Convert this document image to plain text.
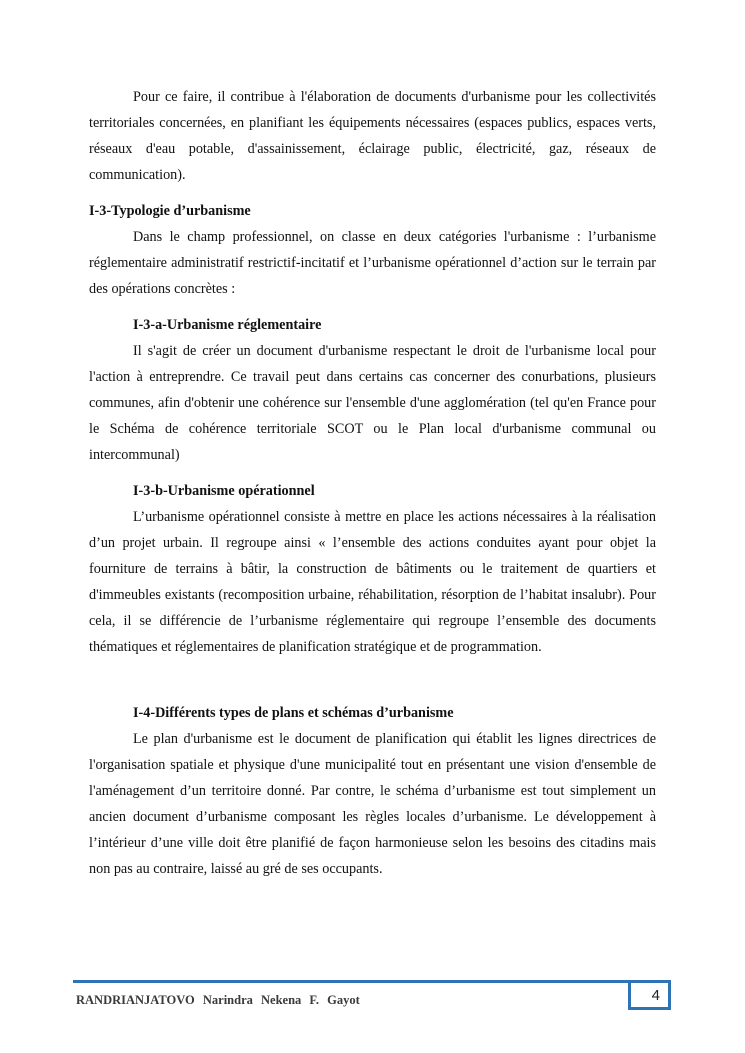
Pour ce faire, il contribue à l'élaboration de documents d'urbanisme pour les collectivités territoriales concernées, en planifiant les équipements nécessaires (espaces publics, espaces verts, réseaux d'eau potable, d'assainissement, éclairage public, électricité, gaz, réseaux de communication).

I-3-Typologie d’urbanisme

Dans le champ professionnel, on classe en deux catégories l'urbanisme : l’urbanisme réglementaire administratif restrictif-incitatif et l’urbanisme opérationnel d’action sur le terrain par des opérations concrètes :

I-3-a-Urbanisme réglementaire

Il s'agit de créer un document d'urbanisme respectant le droit de l'urbanisme local pour l'action à entreprendre. Ce travail peut dans certains cas concerner des conurbations, plusieurs communes, afin d'obtenir une cohérence sur l'ensemble d'une agglomération (tel qu'en France pour le Schéma de cohérence territoriale SCOT ou le Plan local d'urbanisme communal ou intercommunal)

I-3-b-Urbanisme opérationnel

L’urbanisme opérationnel consiste à mettre en place les actions nécessaires à la réalisation d’un projet urbain. Il regroupe ainsi « l’ensemble des actions conduites ayant pour objet la fourniture de terrains à bâtir, la construction de bâtiments ou le traitement de quartiers et d'immeubles existants (recomposition urbaine, réhabilitation, résorption de l’habitat insalubr). Pour cela, il se différencie de l’urbanisme réglementaire qui regroupe l’ensemble des documents thématiques et réglementaires de planification stratégique et de programmation.

I-4-Différents types de plans et schémas d’urbanisme

Le plan d'urbanisme est le document de planification qui établit les lignes directrices de l'organisation spatiale et physique d'une municipalité tout en présentant une vision d'ensemble de l'aménagement d’un territoire donné. Par contre, le schéma d’urbanisme est tout simplement un ancien document d’urbanisme composant les règles locales d’urbanisme. Le développement à l’intérieur d’une ville doit être planifié de façon harmonieuse selon les besoins des citadins mais non pas au contraire, laissé au gré de ses occupants.

RANDRIANJATOVO Narindra Nekena F. Gayot	4
